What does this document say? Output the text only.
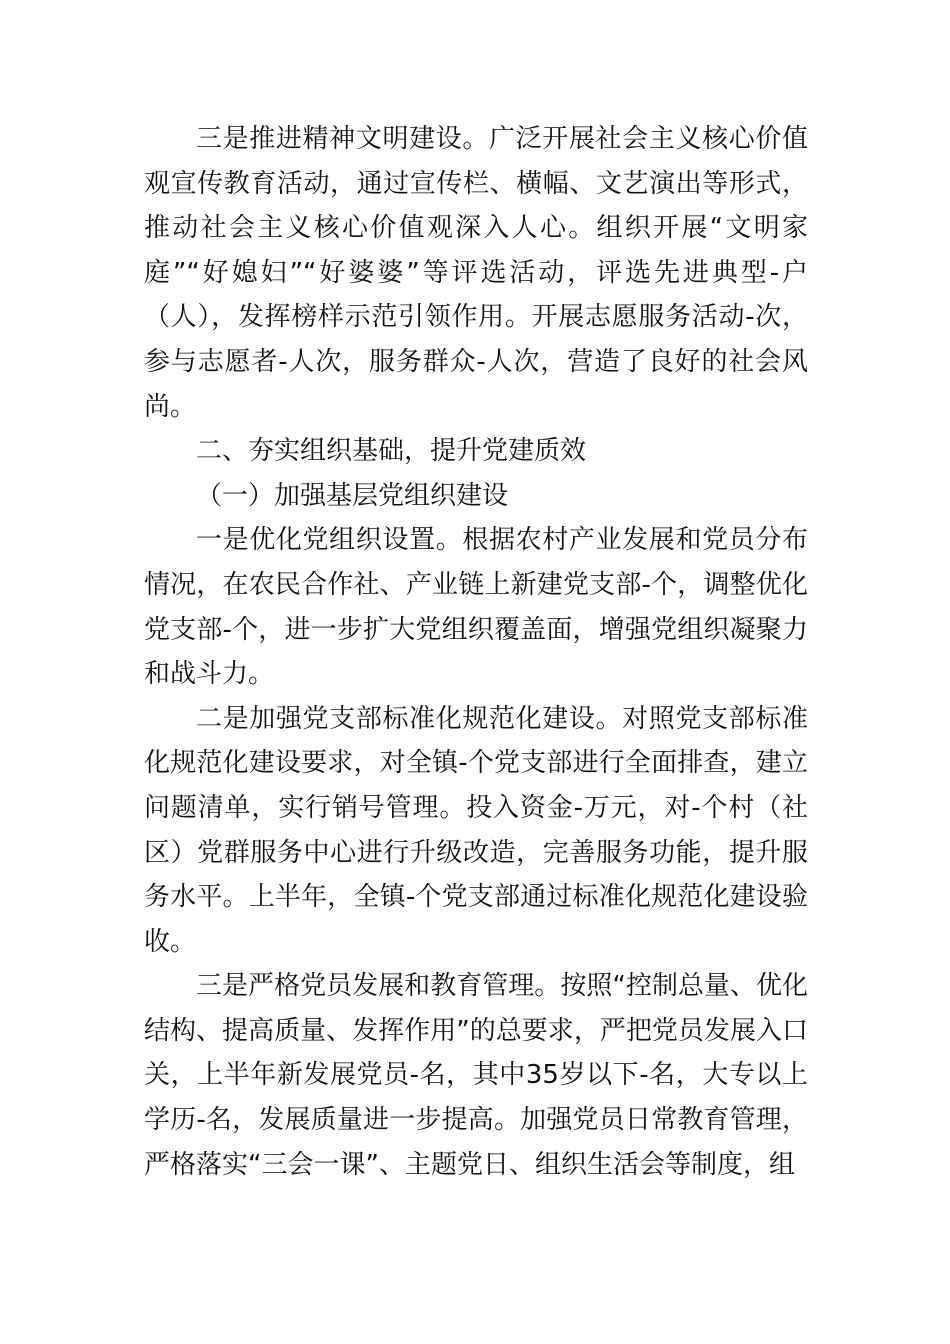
三是推进精神文明建设。广泛开展社会主义核心价值观宣传教育活动，通过宣传栏、横幅、文艺演出等形式，推动社会主义核心价值观深入人心。组织开展“文明家庭”“好媳妇”“好婆婆”等评选活动，评选先进典型-户（人），发挥榜样示范引领作用。开展志愿服务活动-次，参与志愿者-人次，服务群众-人次，营造了良好的社会风尚。

二、夯实组织基础，提升党建质效

（一）加强基层党组织建设

一是优化党组织设置。根据农村产业发展和党员分布情况，在农民合作社、产业链上新建党支部-个，调整优化党支部-个，进一步扩大党组织覆盖面，增强党组织凝聚力和战斗力。

二是加强党支部标准化规范化建设。对照党支部标准化规范化建设要求，对全镇-个党支部进行全面排查，建立问题清单，实行销号管理。投入资金-万元，对-个村（社区）党群服务中心进行升级改造，完善服务功能，提升服务水平。上半年，全镇-个党支部通过标准化规范化建设验收。

三是严格党员发展和教育管理。按照“控制总量、优化结构、提高质量、发挥作用”的总要求，严把党员发展入口关，上半年新发展党员-名，其中35岁以下-名，大专以上学历-名，发展质量进一步提高。加强党员日常教育管理，严格落实“三会一课”、主题党日、组织生活会等制度，组
